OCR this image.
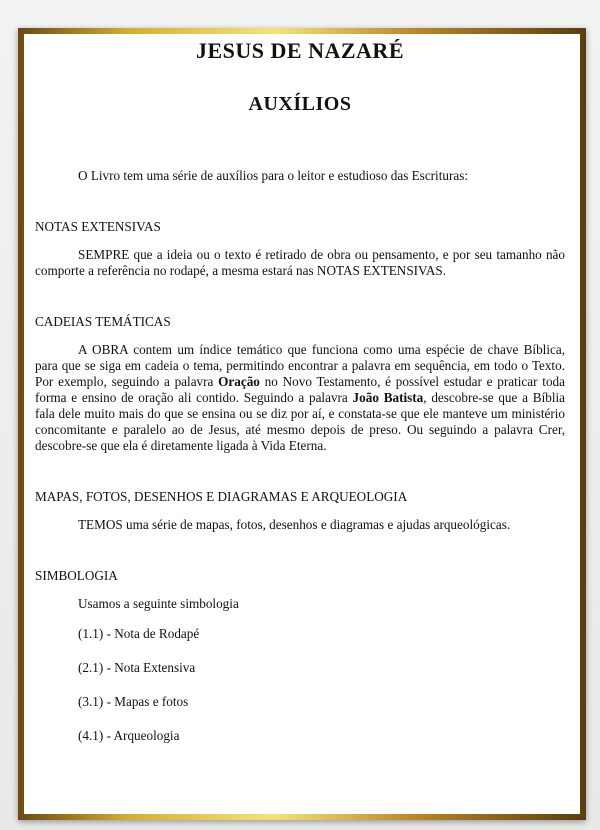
JESUS DE NAZARÉ
AUXÍLIOS

O Livro tem uma série de auxílios para o leitor e estudioso das Escrituras:

NOTAS EXTENSIVAS

SEMPRE que a ideia ou o texto é retirado de obra ou pensamento, e por seu tamanho não comporte a referência no rodapé, a mesma estará nas NOTAS EXTENSIVAS.

CADEIAS TEMÁTICAS

A OBRA contem um índice temático que funciona como uma espécie de chave Bíblica, para que se siga em cadeia o tema, permitindo encontrar a palavra em sequência, em todo o Texto. Por exemplo, seguindo a palavra Oração no Novo Testamento, é possível estudar e praticar toda forma e ensino de oração ali contido. Seguindo a palavra João Batista, descobre-se que a Bíblia fala dele muito mais do que se ensina ou se diz por aí, e constata-se que ele manteve um ministério concomitante e paralelo ao de Jesus, até mesmo depois de preso. Ou seguindo a palavra Crer, descobre-se que ela é diretamente ligada à Vida Eterna.

MAPAS, FOTOS, DESENHOS E DIAGRAMAS E ARQUEOLOGIA

TEMOS uma série de mapas, fotos, desenhos e diagramas e ajudas arqueológicas.

SIMBOLOGIA

Usamos a seguinte simbologia

(1.1) - Nota de Rodapé
(2.1) - Nota Extensiva
(3.1) - Mapas e fotos
(4.1) - Arqueologia
